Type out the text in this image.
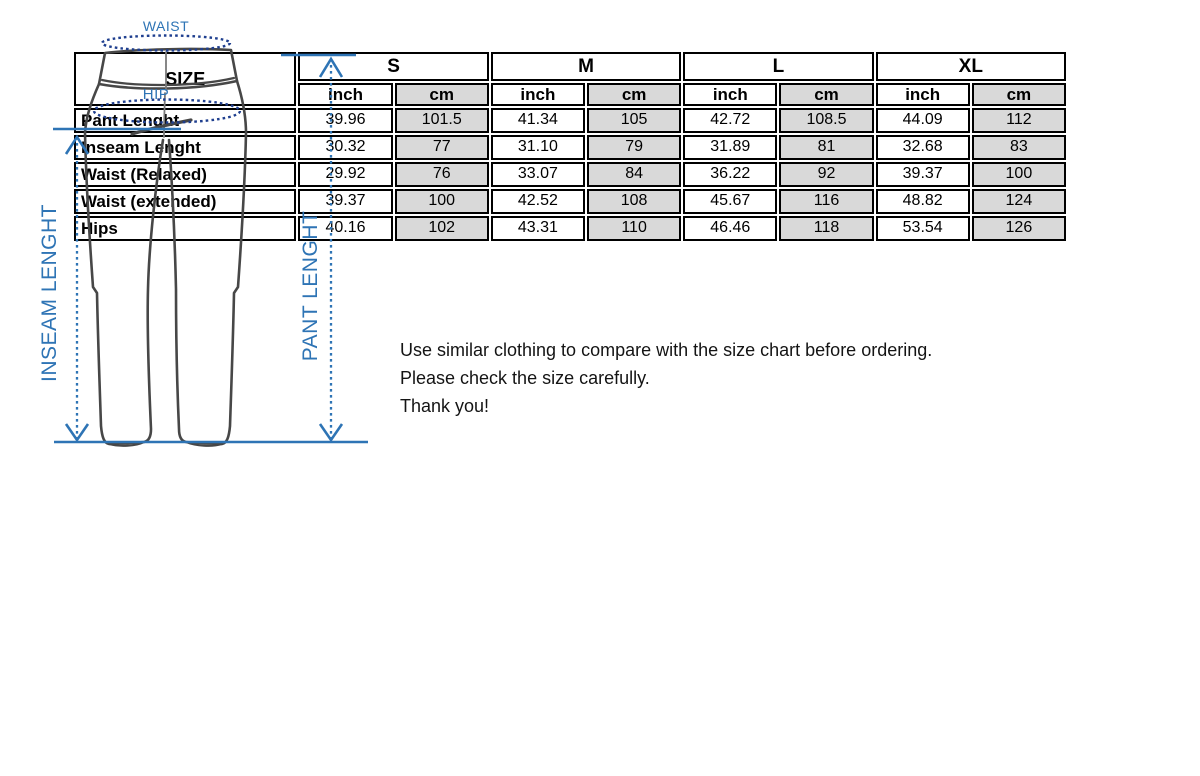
SIZE	S		M		L		XL	
	inch	cm	inch	cm	inch	cm	inch	cm
Pant Lenght	39.96	101.5	41.34	105	42.72	108.5	44.09	112
Inseam Lenght	30.32	77	31.10	79	31.89	81	32.68	83
Waist (Relaxed)	29.92	76	33.07	84	36.22	92	39.37	100
Waist (extended)	39.37	100	42.52	108	45.67	116	48.82	124
Hips	40.16	102	43.31	110	46.46	118	53.54	126
WAIST
HIP
INSEAM LENGHT	PANT LENGHT	Use similar clothing to compare with the size chart before ordering.

Please check the size carefully.

Thank you!
